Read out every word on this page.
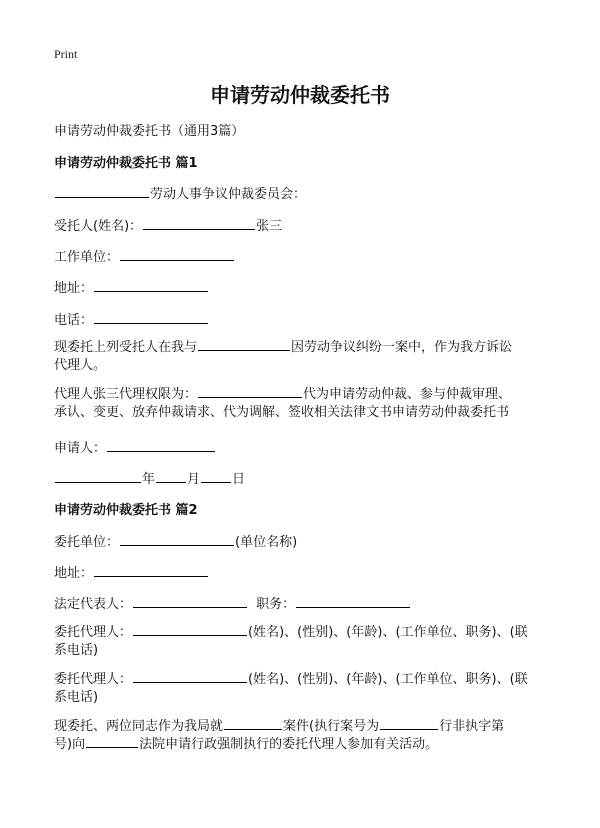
Print
申请劳动仲裁委托书
申请劳动仲裁委托书（通用3篇）
申请劳动仲裁委托书 篇1
劳动人事争议仲裁委员会：
受托人(姓名)：	张三
工作单位：
地址：
电话：
现委托上列受托人在我与	因劳动争议纠纷一案中，作为我方诉讼
代理人。
代理人张三代理权限为：	代为申请劳动仲裁、参与仲裁审理、
承认、变更、放弃仲裁请求、代为调解、签收相关法律文书申请劳动仲裁委托书
申请人：
年 月 日
申请劳动仲裁委托书 篇2
委托单位：	(单位名称)
地址：
法定代表人：	职务：
委托代理人：	(姓名)、(性别)、(年龄)、(工作单位、职务)、(联
系电话)
委托代理人：	(姓名)、(性别)、(年龄)、(工作单位、职务)、(联
系电话)
现委托、两位同志作为我局就	案件(执行案号为	行非执字第
号)向	法院申请行政强制执行的委托代理人参加有关活动。
